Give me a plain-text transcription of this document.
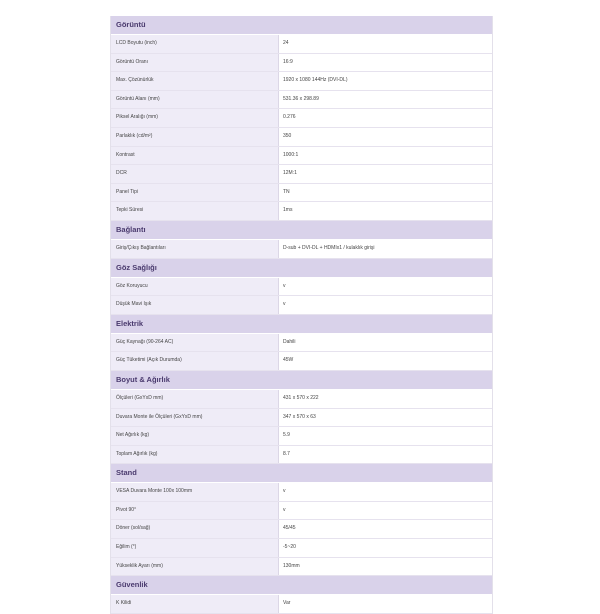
Görüntü
LCD Boyutu (inch)	24
Görüntü Oranı	16:9
Max. Çözünürlük	1920 x 1080 144Hz (DVI-DL)
Görüntü Alanı (mm)	531.36 x 298.89
Piksel Aralığı (mm)	0.276
Parlaklık (cd/m²)	350
Kontrast	1000:1
DCR	12M:1
Panel Tipi	TN
Tepki Süresi	1ms
Bağlantı
Giriş/Çıkış Bağlantıları	D-sub + DVI-DL + HDMIx1 / kulaklık girişi
Göz Sağlığı
Göz Koruyucu	v
Düşük Mavi Işık	v
Elektrik
Güç Kaynağı (90-264 AC)	Dahili
Güç Tüketimi (Açık Durumda)	45W
Boyut & Ağırlık
Ölçüleri (GxYxD mm)	431 x 570 x 222
Duvara Monte ile Ölçüleri (GxYxD mm)	347 x 570 x 63
Net Ağırlık (kg)	5.9
Toplam Ağırlık (kg)	8.7
Stand
VESA Duvara Monte 100x 100mm	v
Pivot 90°	v
Döner (sol/sağ)	45/45
Eğilim (°)	-5~20
Yükseklik Ayarı (mm)	130mm
Güvenlik
K Kilidi	Var
